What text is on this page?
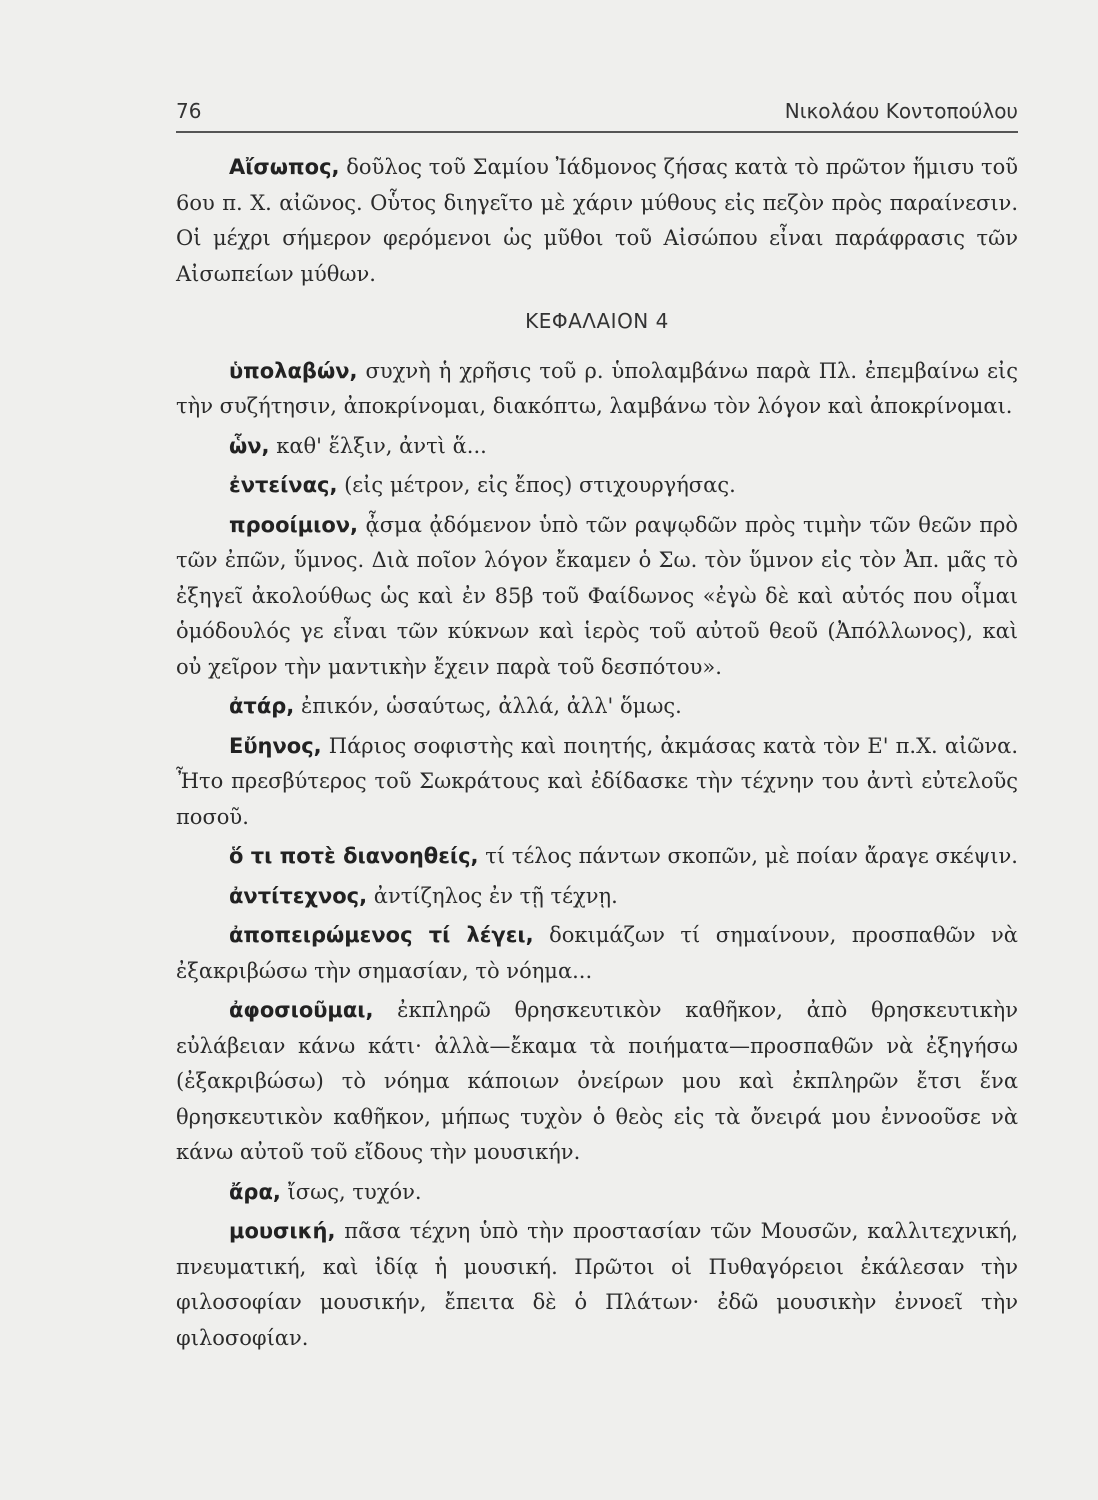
76	Νικολάου Κοντοπούλου

Αἴσωπος, δοῦλος τοῦ Σαμίου Ἰάδμονος ζήσας κατὰ τὸ πρῶτον ἥμισυ τοῦ 6ου π. Χ. αἰῶνος. Οὗτος διηγεῖτο μὲ χάριν μύθους εἰς πεζὸν πρὸς παραίνεσιν. Οἱ μέχρι σήμερον φερόμενοι ὡς μῦθοι τοῦ Αἰσώπου εἶναι παράφρασις τῶν Αἰσωπείων μύθων.

ΚΕΦΑΛΑΙΟΝ 4

ὑπολαβών, συχνὴ ἡ χρῆσις τοῦ ρ. ὑπολαμβάνω παρὰ Πλ. ἐπεμβαίνω εἰς τὴν συζήτησιν, ἀποκρίνομαι, διακόπτω, λαμβάνω τὸν λόγον καὶ ἀποκρίνομαι.

ὧν, καθ' ἕλξιν, ἀντὶ ἅ...

ἐντείνας, (εἰς μέτρον, εἰς ἔπος) στιχουργήσας.

προοίμιον, ᾆσμα ᾀδόμενον ὑπὸ τῶν ραψῳδῶν πρὸς τιμὴν τῶν θεῶν πρὸ τῶν ἐπῶν, ὕμνος. Διὰ ποῖον λόγον ἔκαμεν ὁ Σω. τὸν ὕμνον εἰς τὸν Ἀπ. μᾶς τὸ ἐξηγεῖ ἀκολούθως ὡς καὶ ἐν 85β τοῦ Φαίδωνος «ἐγὼ δὲ καὶ αὐτός που οἶμαι ὁμόδουλός γε εἶναι τῶν κύκνων καὶ ἱερὸς τοῦ αὐτοῦ θεοῦ (Ἀπόλλωνος), καὶ οὐ χεῖρον τὴν μαντικὴν ἔχειν παρὰ τοῦ δεσπότου».

ἀτάρ, ἐπικόν, ὡσαύτως, ἀλλά, ἀλλ' ὅμως.

Εὔηνος, Πάριος σοφιστὴς καὶ ποιητής, ἀκμάσας κατὰ τὸν Ε' π.Χ. αἰῶνα. Ἦτο πρεσβύτερος τοῦ Σωκράτους καὶ ἐδίδασκε τὴν τέχνην του ἀντὶ εὐτελοῦς ποσοῦ.

ὅ τι ποτὲ διανοηθείς, τί τέλος πάντων σκοπῶν, μὲ ποίαν ἄραγε σκέψιν.

ἀντίτεχνος, ἀντίζηλος ἐν τῇ τέχνῃ.

ἀποπειρώμενος τί λέγει, δοκιμάζων τί σημαίνουν, προσπαθῶν νὰ ἐξακριβώσω τὴν σημασίαν, τὸ νόημα...

ἀφοσιοῦμαι, ἐκπληρῶ θρησκευτικὸν καθῆκον, ἀπὸ θρησκευτικὴν εὐλάβειαν κάνω κάτι· ἀλλὰ—ἔκαμα τὰ ποιήματα—προσπαθῶν νὰ ἐξηγήσω (ἐξακριβώσω) τὸ νόημα κάποιων ὀνείρων μου καὶ ἐκπληρῶν ἔτσι ἕνα θρησκευτικὸν καθῆκον, μήπως τυχὸν ὁ θεὸς εἰς τὰ ὄνειρά μου ἐννοοῦσε νὰ κάνω αὐτοῦ τοῦ εἴδους τὴν μουσικήν.

ἄρα, ἴσως, τυχόν.

μουσική, πᾶσα τέχνη ὑπὸ τὴν προστασίαν τῶν Μουσῶν, καλλιτεχνική, πνευματική, καὶ ἰδίᾳ ἡ μουσική. Πρῶτοι οἱ Πυθαγόρειοι ἐκάλεσαν τὴν φιλοσοφίαν μουσικήν, ἔπειτα δὲ ὁ Πλάτων· ἐδῶ μουσικὴν ἐννοεῖ τὴν φιλοσοφίαν.
